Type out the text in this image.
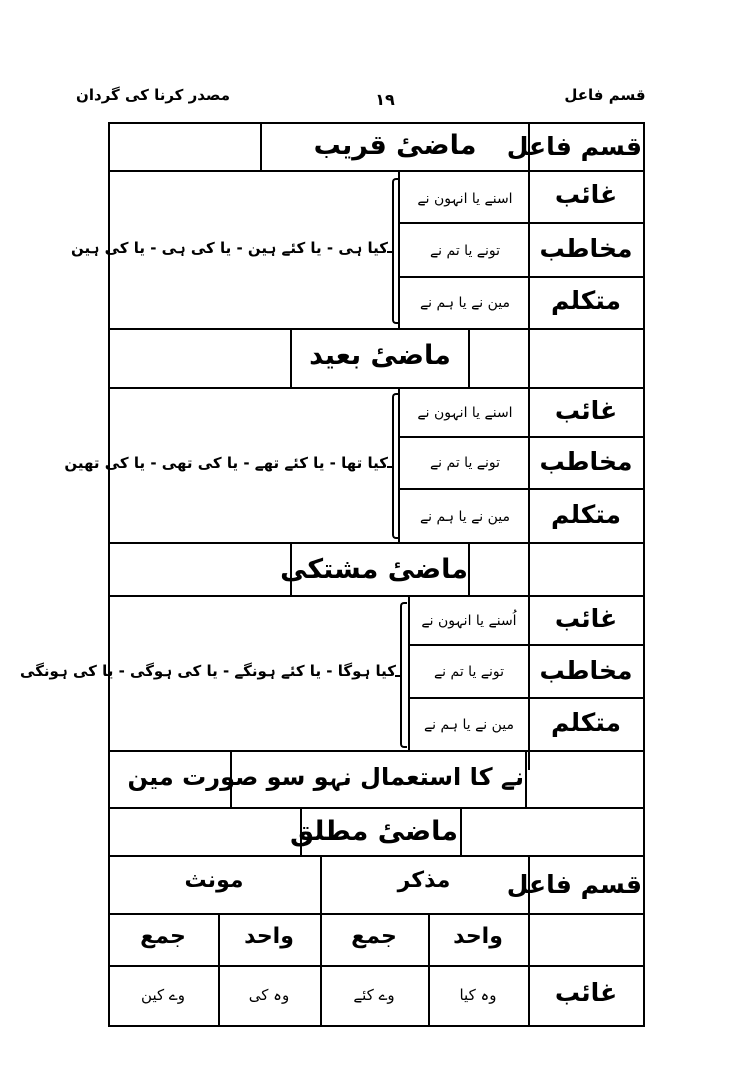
قسم فاعل
۱۹
مصدر کرنا کی گردان
ماضیٔ قریب	قسم فاعل
غائب
مخاطب
متکلم
اسنے یا انہون نے
تونے یا تم نے
مین نے یا ہم نے
کیا ہی - یا کئے ہین - یا کی ہی - یا کی ہین
ماضیٔ بعید
غائب
مخاطب
متکلم
اسنے یا انہون نے
تونے یا تم نے
مین نے یا ہم نے
کیا تھا - یا کئے تھے - یا کی تھی - یا کی تھین
ماضیٔ مشتکی
غائب
مخاطب
متکلم
اُسنے یا انہون نے
تونے یا تم نے
مین نے یا ہم نے
کیا ہوگا - یا کئے ہونگے - یا کی ہوگی - یا کی ہونگی
نے کا استعمال نہو سو صورت مین
ماضیٔ مطلق
قسم فاعل
مذکر
مونث
واحد
جمع
واحد
جمع
غائب
وہ کیا
وے کئے
وہ کی
وے کین
